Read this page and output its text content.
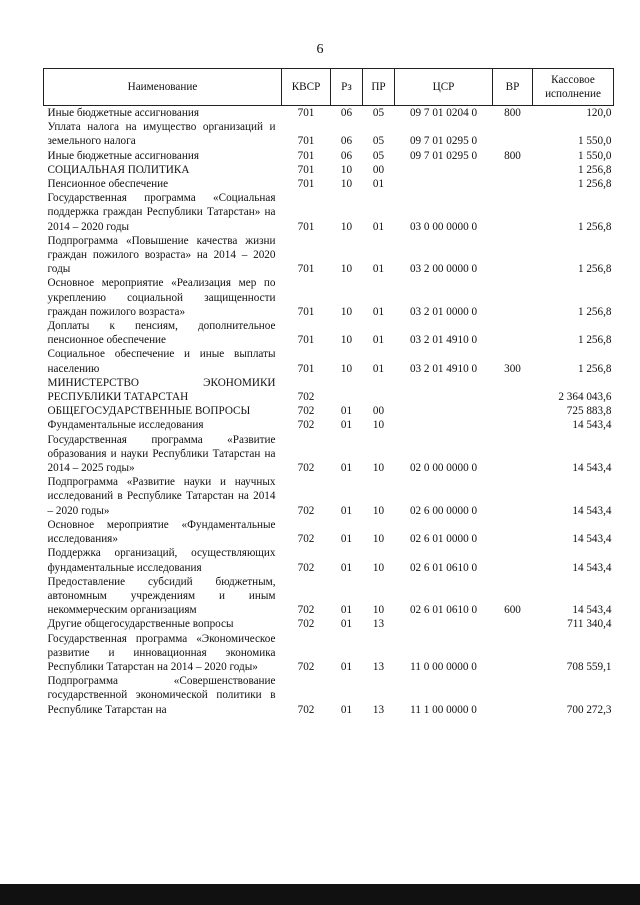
6
Наименование	КВСР	Рз	ПР	ЦСР	ВР	Кассовое исполнение
Иные бюджетные ассигнования	701	06	05	09 7 01 0204 0	800	120,0
Уплата налога на имущество организаций и земельного налога	701	06	05	09 7 01 0295 0		1 550,0
Иные бюджетные ассигнования	701	06	05	09 7 01 0295 0	800	1 550,0
СОЦИАЛЬНАЯ ПОЛИТИКА	701	10	00			1 256,8
Пенсионное обеспечение	701	10	01			1 256,8
Государственная программа «Социальная поддержка граждан Республики Татарстан» на 2014 – 2020 годы	701	10	01	03 0 00 0000 0		1 256,8
Подпрограмма «Повышение качества жизни граждан пожилого возраста» на 2014 – 2020 годы	701	10	01	03 2 00 0000 0		1 256,8
Основное мероприятие «Реализация мер по укреплению социальной защищенности граждан пожилого возраста»	701	10	01	03 2 01 0000 0		1 256,8
Доплаты к пенсиям, дополнительное пенсионное обеспечение	701	10	01	03 2 01 4910 0		1 256,8
Социальное обеспечение и иные выплаты населению	701	10	01	03 2 01 4910 0	300	1 256,8
МИНИСТЕРСТВО ЭКОНОМИКИ РЕСПУБЛИКИ ТАТАРСТАН	702					2 364 043,6
ОБЩЕГОСУДАРСТВЕННЫЕ ВОПРОСЫ	702	01	00			725 883,8
Фундаментальные исследования	702	01	10			14 543,4
Государственная программа «Развитие образования и науки Республики Татарстан на 2014 – 2025 годы»	702	01	10	02 0 00 0000 0		14 543,4
Подпрограмма «Развитие науки и научных исследований в Республике Татарстан на 2014 – 2020 годы»	702	01	10	02 6 00 0000 0		14 543,4
Основное мероприятие «Фундаментальные исследования»	702	01	10	02 6 01 0000 0		14 543,4
Поддержка организаций, осуществляющих фундаментальные исследования	702	01	10	02 6 01 0610 0		14 543,4
Предоставление субсидий бюджетным, автономным учреждениям и иным некоммерческим организациям	702	01	10	02 6 01 0610 0	600	14 543,4
Другие общегосударственные вопросы	702	01	13			711 340,4
Государственная программа «Экономическое развитие и инновационная экономика Республики Татарстан на 2014 – 2020 годы»	702	01	13	11 0 00 0000 0		708 559,1
Подпрограмма «Совершенствование государственной экономической политики в Республике Татарстан на	702	01	13	11 1 00 0000 0		700 272,3
